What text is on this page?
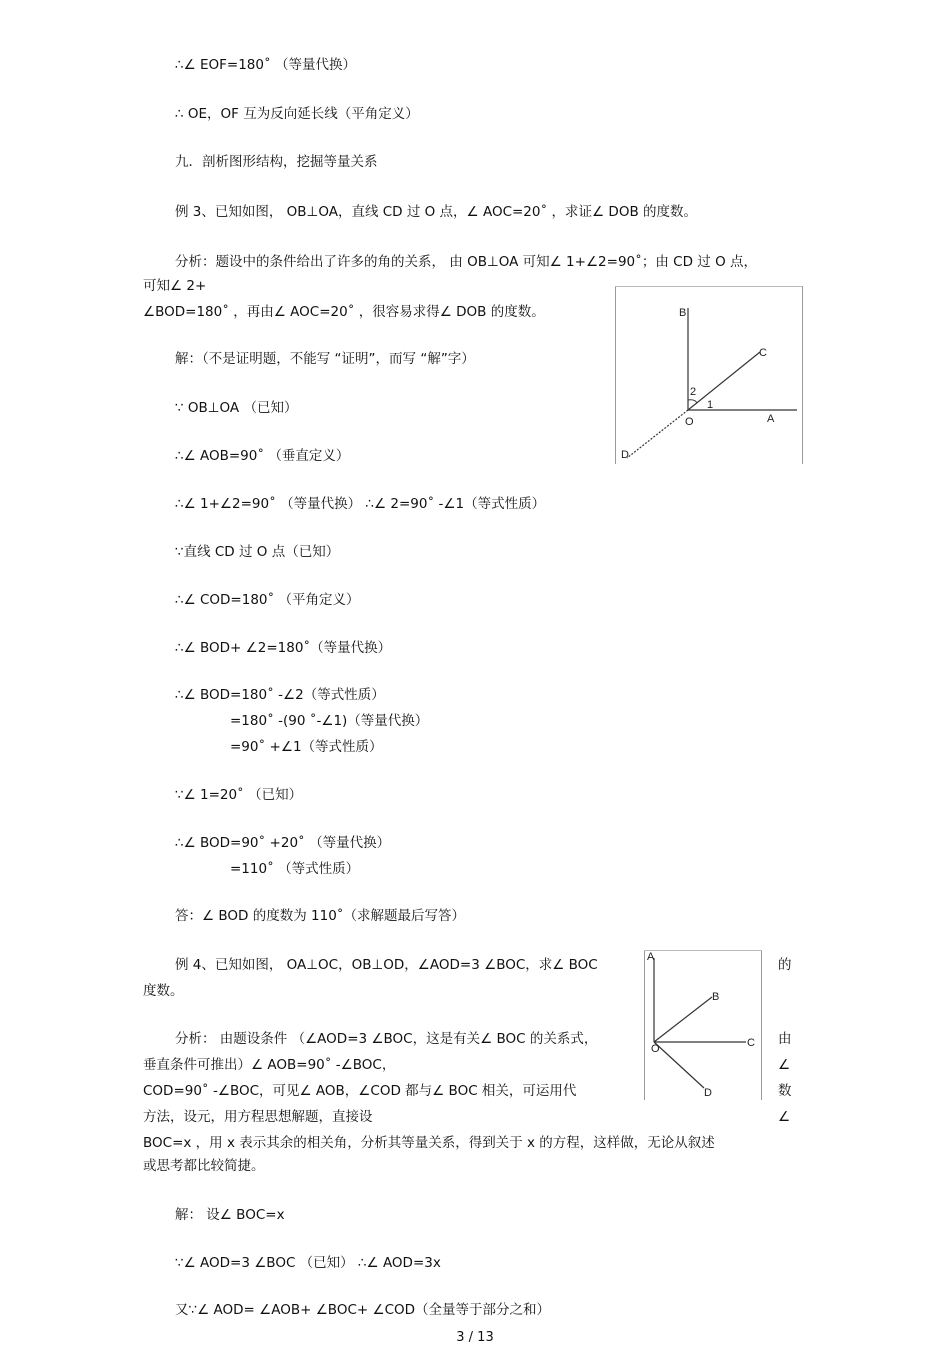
∴∠ EOF=180˚ （等量代换）
∴ OE，OF 互为反向延长线（平角定义）
九．剖析图形结构，挖掘等量关系
例 3、已知如图， OB⊥OA，直线 CD 过 O 点，∠ AOC=20˚ ，求证∠ DOB 的度数。
分析：题设中的条件给出了许多的角的关系， 由 OB⊥OA 可知∠ 1+∠2=90˚；由 CD 过 O 点，
可知∠ 2+
∠BOD=180˚ ，再由∠ AOC=20˚ ，很容易求得∠ DOB 的度数。
解：（不是证明题，不能写 “证明”，而写 “解”字）
∵ OB⊥OA （已知）
∴∠ AOB=90˚ （垂直定义）
∴∠ 1+∠2=90˚ （等量代换） ∴∠ 2=90˚ -∠1（等式性质）
∵直线 CD 过 O 点（已知）
∴∠ COD=180˚ （平角定义）
∴∠ BOD+ ∠2=180˚（等量代换）
∴∠ BOD=180˚ -∠2（等式性质）
=180˚ -(90 ˚-∠1)（等量代换）
=90˚ +∠1（等式性质）
∵∠ 1=20˚ （已知）
∴∠ BOD=90˚ +20˚ （等量代换）
=110˚ （等式性质）
答：∠ BOD 的度数为 110˚（求解题最后写答）
例 4、已知如图， OA⊥OC，OB⊥OD，∠AOD=3 ∠BOC，求∠ BOC	的
度数。
分析： 由题设条件 （∠AOD=3 ∠BOC，这是有关∠ BOC 的关系式，	由
垂直条件可推出）∠ AOB=90˚ -∠BOC，	∠
COD=90˚ -∠BOC，可见∠ AOB，∠COD 都与∠ BOC 相关，可运用代	数
方法，设元，用方程思想解题，直接设	∠
BOC=x ，用 x 表示其余的相关角，分析其等量关系，得到关于 x 的方程，这样做，无论从叙述
或思考都比较简捷。
解： 设∠ BOC=x
∵∠ AOD=3 ∠BOC （已知） ∴∠ AOD=3x
又∵∠ AOD= ∠AOB+ ∠BOC+ ∠COD（全量等于部分之和）
B
C
2
1
O	A
D
A
B
O	C
D
3 / 13
